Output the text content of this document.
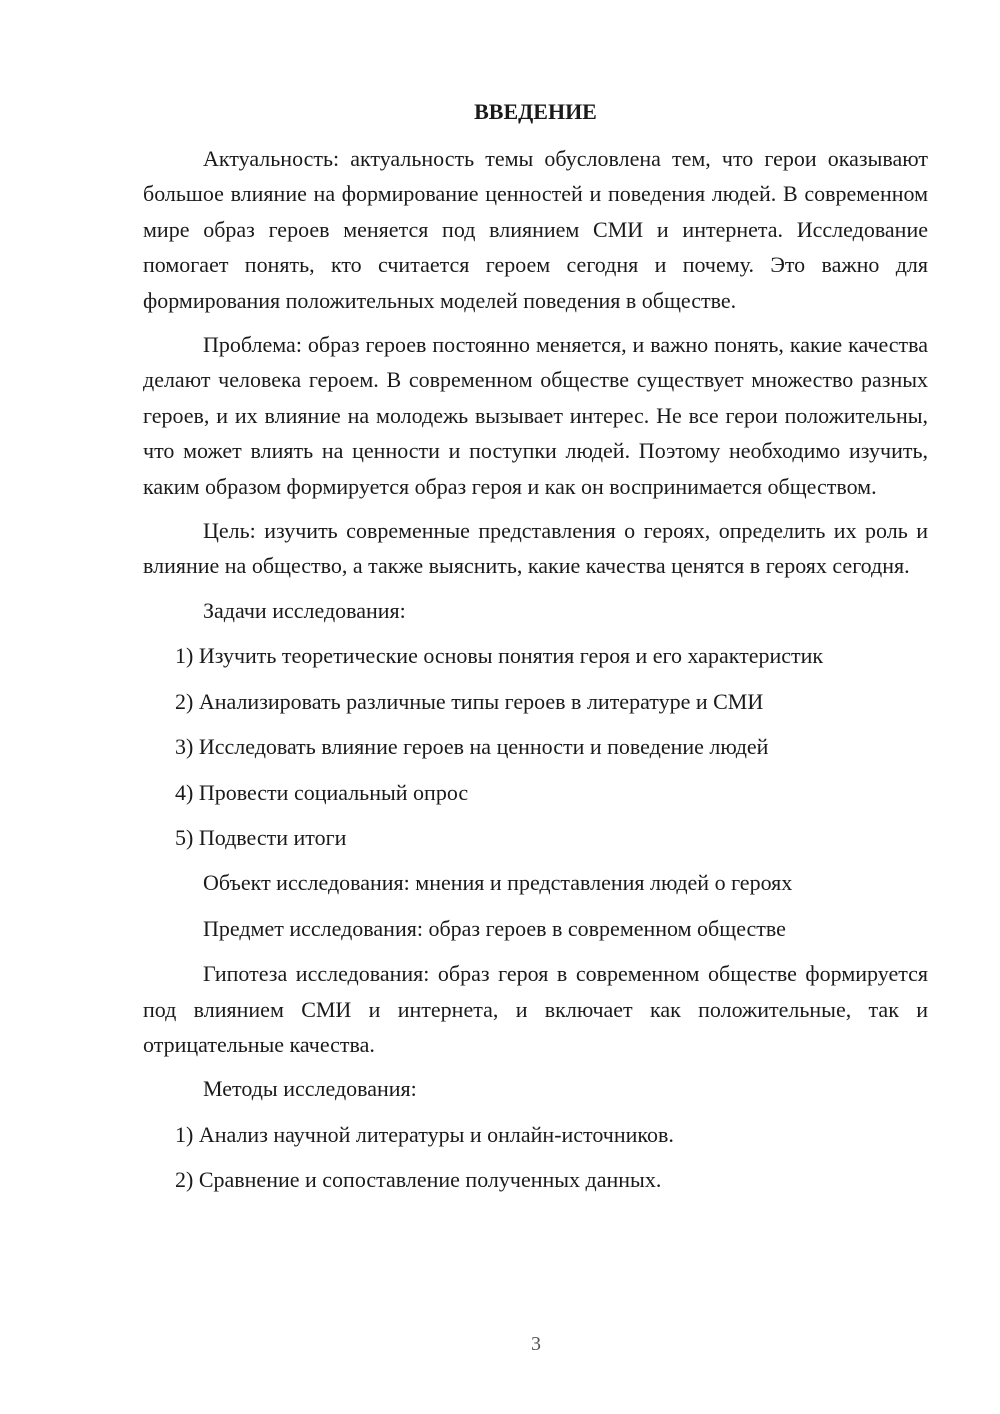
ВВЕДЕНИЕ

Актуальность: актуальность темы обусловлена тем, что герои оказывают большое влияние на формирование ценностей и поведения людей. В современном мире образ героев меняется под влиянием СМИ и интернета. Исследование помогает понять, кто считается героем сегодня и почему. Это важно для формирования положительных моделей поведения в обществе.

Проблема: образ героев постоянно меняется, и важно понять, какие качества делают человека героем. В современном обществе существует множество разных героев, и их влияние на молодежь вызывает интерес. Не все герои положительны, что может влиять на ценности и поступки людей. Поэтому необходимо изучить, каким образом формируется образ героя и как он воспринимается обществом.

Цель: изучить современные представления о героях, определить их роль и влияние на общество, а также выяснить, какие качества ценятся в героях сегодня.

Задачи исследования:

1) Изучить теоретические основы понятия героя и его характеристик
2) Анализировать различные типы героев в литературе и СМИ
3) Исследовать влияние героев на ценности и поведение людей
4) Провести социальный опрос
5) Подвести итоги

Объект исследования: мнения и представления людей о героях

Предмет исследования: образ героев в современном обществе

Гипотеза исследования: образ героя в современном обществе формируется под влиянием СМИ и интернета, и включает как положительные, так и отрицательные качества.

Методы исследования:

1) Анализ научной литературы и онлайн-источников.
2) Сравнение и сопоставление полученных данных.
3
